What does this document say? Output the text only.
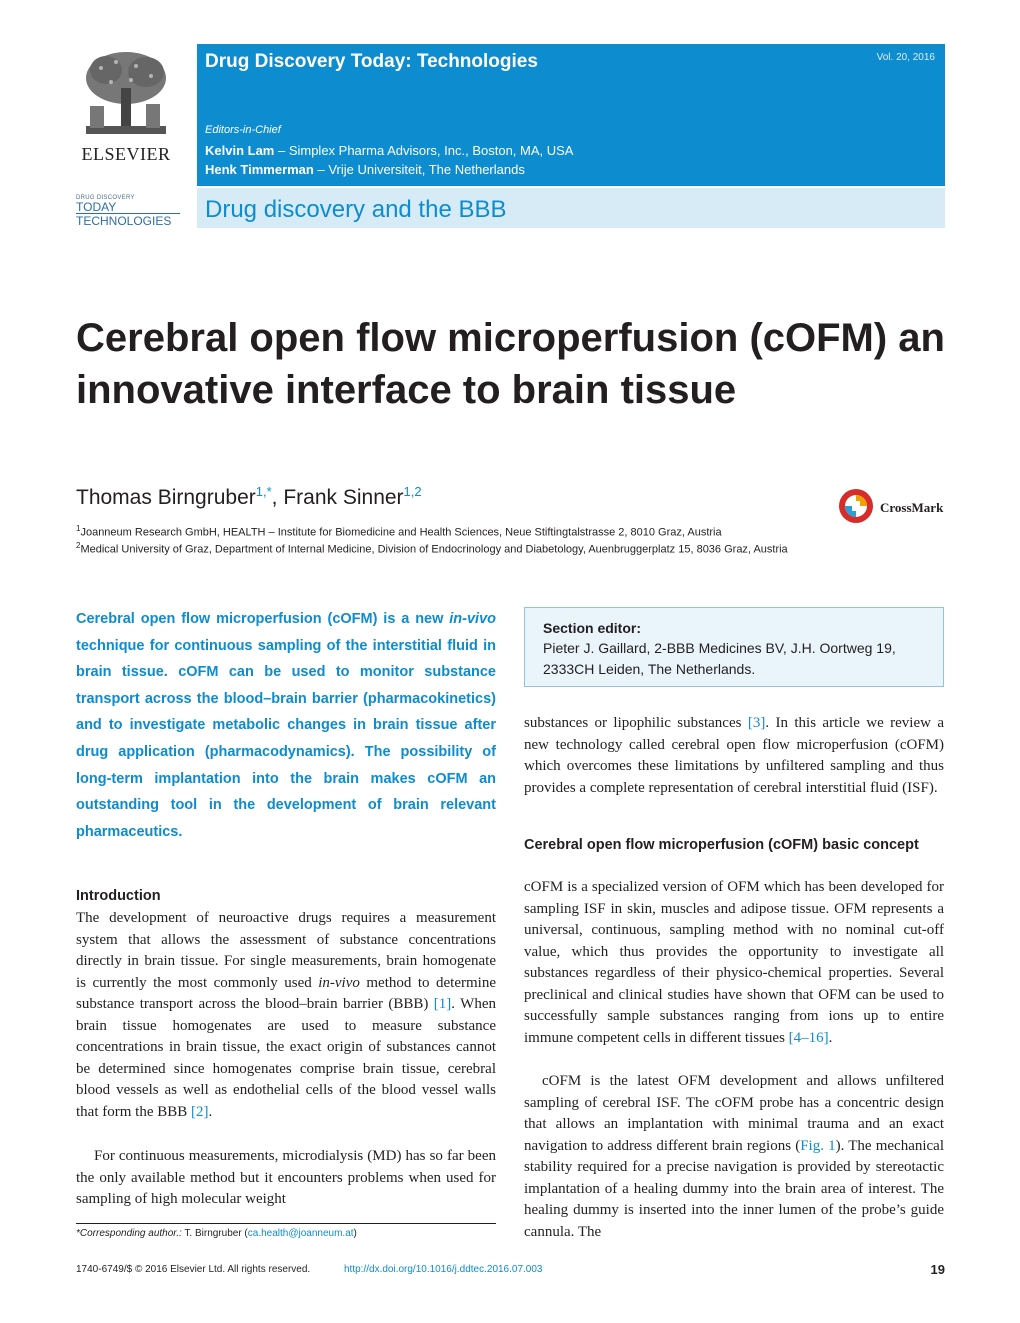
ELSEVIER
DRUG DISCOVERY
TODAY
TECHNOLOGIES
Drug Discovery Today: Technologies	Vol. 20, 2016
Editors-in-Chief
Kelvin Lam – Simplex Pharma Advisors, Inc., Boston, MA, USA
Henk Timmerman – Vrije Universiteit, The Netherlands
Drug discovery and the BBB
Cerebral open flow microperfusion (cOFM) an innovative interface to brain tissue
Thomas Birngruber$^{1,*}$, Frank Sinner$^{1,2}$
CrossMark
$^1$Joanneum Research GmbH, HEALTH – Institute for Biomedicine and Health Sciences, Neue Stiftingtalstrasse 2, 8010 Graz, Austria
$^2$Medical University of Graz, Department of Internal Medicine, Division of Endocrinology and Diabetology, Auenbruggerplatz 15, 8036 Graz, Austria

Cerebral open flow microperfusion (cOFM) is a new in-vivo technique for continuous sampling of the interstitial fluid in brain tissue. cOFM can be used to monitor substance transport across the blood–brain barrier (pharmacokinetics) and to investigate metabolic changes in brain tissue after drug application (pharmacodynamics). The possibility of long-term implantation into the brain makes cOFM an outstanding tool in the development of brain relevant pharmaceutics.

Introduction

The development of neuroactive drugs requires a measurement system that allows the assessment of substance concentrations directly in brain tissue. For single measurements, brain homogenate is currently the most commonly used in-vivo method to determine substance transport across the blood–brain barrier (BBB) [1]. When brain tissue homogenates are used to measure substance concentrations in brain tissue, the exact origin of substances cannot be determined since homogenates comprise brain tissue, cerebral blood vessels as well as endothelial cells of the blood vessel walls that form the BBB [2].

For continuous measurements, microdialysis (MD) has so far been the only available method but it encounters problems when used for sampling of high molecular weight

*Corresponding author.: T. Birngruber (ca.health@joanneum.at)
Section editor:
Pieter J. Gaillard, 2-BBB Medicines BV, J.H. Oortweg 19, 2333CH Leiden, The Netherlands.

substances or lipophilic substances [3]. In this article we review a new technology called cerebral open flow microperfusion (cOFM) which overcomes these limitations by unfiltered sampling and thus provides a complete representation of cerebral interstitial fluid (ISF).

Cerebral open flow microperfusion (cOFM) basic concept

cOFM is a specialized version of OFM which has been developed for sampling ISF in skin, muscles and adipose tissue. OFM represents a universal, continuous, sampling method with no nominal cut-off value, which thus provides the opportunity to investigate all substances regardless of their physico-chemical properties. Several preclinical and clinical studies have shown that OFM can be used to successfully sample substances ranging from ions up to entire immune competent cells in different tissues [4–16].

cOFM is the latest OFM development and allows unfiltered sampling of cerebral ISF. The cOFM probe has a concentric design that allows an implantation with minimal trauma and an exact navigation to address different brain regions (Fig. 1). The mechanical stability required for a precise navigation is provided by stereotactic implantation of a healing dummy into the brain area of interest. The healing dummy is inserted into the inner lumen of the probe’s guide cannula. The

1740-6749/$ © 2016 Elsevier Ltd. All rights reserved.	http://dx.doi.org/10.1016/j.ddtec.2016.07.003	19
